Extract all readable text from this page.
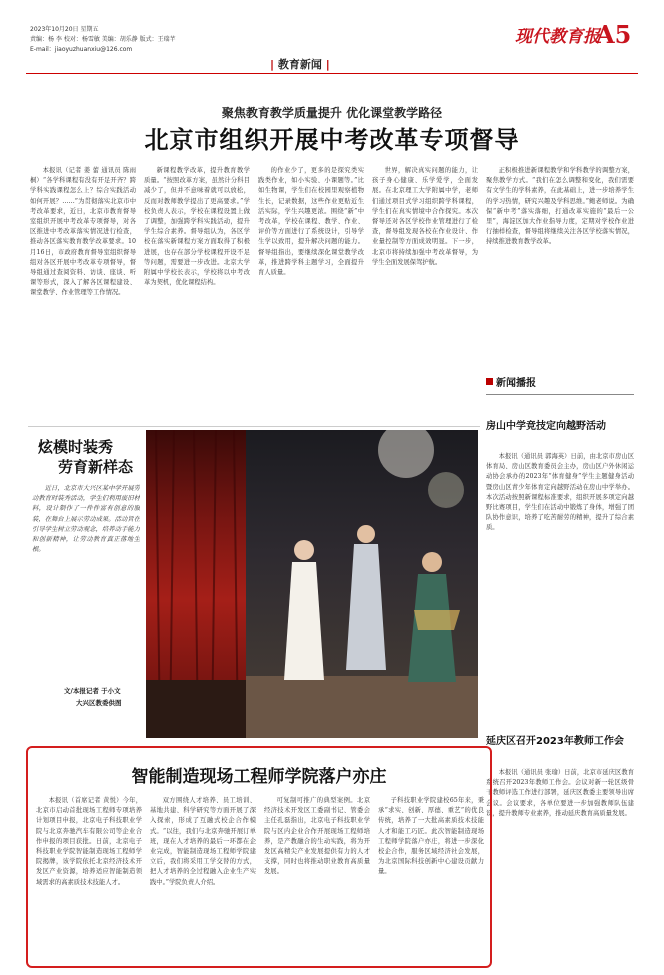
2023年10月20日 星期五
责编：杨 李 校对：杨雪敏 美编：胡乐静 版式：王瑞芊
E-mail：jiaoyuzhuanxiu@126.com
| 教育新闻 |
现代教育报
A5
聚焦教育教学质量提升 优化课堂教学路径
北京市组织开展中考改革专项督导

本报讯（记者 姜 蕾 通讯员 陈雨桐）“各学科课程有没有开足开齐？跨学科实践课程怎么上？综合实践活动如何开展？……”为贯彻落实北京市中考改革要求，近日，北京市教育督导室组织开展中考改革专项督导，对各区推进中考改革落实情况进行检查，推动各区落实教育教学改革要求。10月16日，市政府教育督导室组织督导组对各区开展中考改革专项督导，督导组通过查阅资料、访谈、座谈、听课等形式，深入了解各区课程建设、课堂教学、作业管理等工作情况。

新课程教学改革，提升教育教学质量。“按照改革方案，虽然计分科目减少了，但并不意味着就可以放松，反而对教师教学提出了更高要求。”学校负责人表示，学校在课程设置上做了调整，加强跨学科实践活动，提升学生综合素养。督导组认为，各区学校在落实新课程方案方面取得了积极进展，也存在部分学校课程开设不足等问题，需要进一步改进。北京大学附属中学校长表示，学校将以中考改革为契机，优化课程结构。

的作业少了，更多的是探究类实践类作业，如小实验、小课题等。”比如生物课，学生们在校园里观察植物生长，记录数据，这些作业更贴近生活实际，学生兴趣更浓。围绕“新”中考改革，学校在课程、教学、作业、评价等方面进行了系统设计，引导学生学以致用，提升解决问题的能力。督导组指出，要继续深化课堂教学改革，推进跨学科主题学习，全面提升育人质量。

世界，解决真实问题的能力，让孩子身心健康、乐学爱学，全面发展。在北京理工大学附属中学，老师们通过项目式学习组织跨学科课程，学生们在真实情境中合作探究。本次督导还对各区学校作业管理进行了检查，督导组发现各校在作业设计、作业量控制等方面成效明显。下一步，北京市将持续加强中考改革督导，为学生全面发展保驾护航。

正积极推进新课程教学和学科教学的调整方案，聚焦教学方式。“我们在怎么调整和变化，我们需要有文学生的学科素养，在此基础上，进一步培养学生的学习热情，研究兴趣及学科思维。”鲍老师说。为确保“新中考”落实落细，打通改革实施的“最后一公里”，海淀区加大作业指导力度，定期对学校作业进行抽样检查，督导组将继续关注各区学校落实情况，持续推进教育教学改革。

新闻播报
房山中学竞技定向越野活动

本报讯（通讯员 郭海英）日前，由北京市房山区体育局、房山区教育委员会主办，房山区户外休闲运动协会承办的2023年“体育健身”学生主题健身活动暨房山区青少年体育定向越野活动在房山中学举办。本次活动按照新课程标准要求，组织开展多项定向越野比赛项目，学生们在活动中锻炼了身体，增强了团队协作意识，培养了吃苦耐劳的精神，提升了综合素质。

延庆区召开2023年教师工作会

本报讯（通讯员 张瑜）日前，北京市延庆区教育系统召开2023年教师工作会。会议对新一轮区级骨干教师评选工作进行部署，延庆区教委主要领导出席会议。会议要求，各单位要进一步加强教师队伍建设，提升教师专业素养，推动延庆教育高质量发展。

炫模时装秀
劳育新样态

近日，北京市大兴区某中学开展劳动教育时装秀活动，学生们利用废旧材料，设计制作了一件件富有创意的服装，在舞台上展示劳动成果。活动旨在引导学生树立劳动观念，培养动手能力和创新精神，让劳动教育真正落地生根。

文/本报记者 于小文
大兴区教委供图
智能制造现场工程师学院落户亦庄

本报讯（首席记者 黄悦）今年，北京市启动首批现场工程师专项培养计划项目申报，北京电子科技职业学院与北京奔驰汽车有限公司等企业合作申报的项目获批。日前，北京电子科技职业学院智能制造现场工程师学院揭牌，该学院依托北京经济技术开发区产业资源，培养适应智能制造领域需求的高素质技术技能人才。

双方围绕人才培养、员工培训、基地共建、科学研究等方面开展了深入探索，形成了互融式校企合作模式。“以往，我们与北京奔驰开展订单班，现在人才培养的最后一环都在企业完成，智能制造现场工程师学院建立后，我们将采用工学交替的方式，把人才培养的全过程融入企业生产实践中。”学院负责人介绍。

可复制可推广的典型案例。北京经济技术开发区工委副书记、管委会主任孔磊指出，北京电子科技职业学院与区内企业合作开展现场工程师培养，是产教融合的生动实践，将为开发区高精尖产业发展提供有力的人才支撑，同时也将推动职业教育高质量发展。

子科技职业学院建校65年来，秉承“求实、创新、厚德、重艺”的优良传统，培养了一大批高素质技术技能人才和能工巧匠。此次智能制造现场工程师学院落户亦庄，将进一步深化校企合作，服务区域经济社会发展，为北京国际科技创新中心建设贡献力量。
